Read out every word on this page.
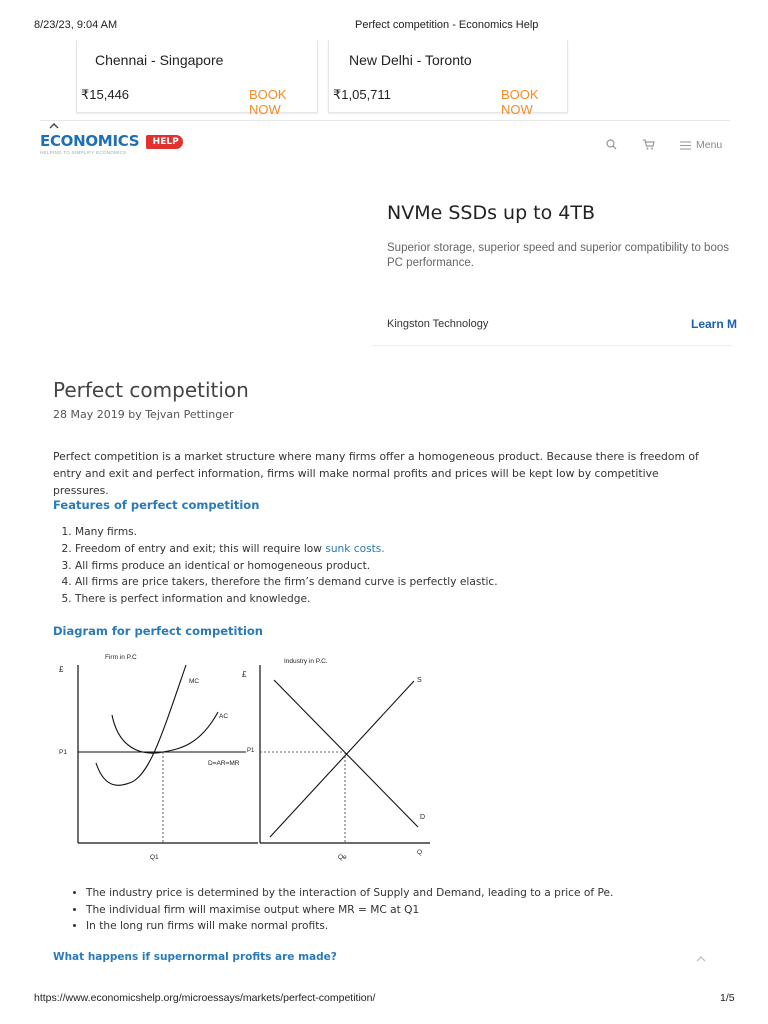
8/23/23, 9:04 AM	Perfect competition - Economics Help
Chennai - Singapore
₹15,446	BOOK NOW
New Delhi - Toronto
₹1,05,711	BOOK NOW
ECONOMICS HELP
HELPING TO SIMPLIFY ECONOMICS
Menu
NVMe SSDs up to 4TB
Superior storage, superior speed and superior compatibility to boos
PC performance.
Kingston Technology	Learn M
Perfect competition
28 May 2019 by Tejvan Pettinger
Perfect competition is a market structure where many firms offer a homogeneous product. Because there is freedom of entry and exit and perfect information, firms will make normal profits and prices will be kept low by competitive pressures.
Features of perfect competition
1. Many firms.
2. Freedom of entry and exit; this will require low sunk costs.
3. All firms produce an identical or homogeneous product.
4. All firms are price takers, therefore the firm’s demand curve is perfectly elastic.
5. There is perfect information and knowledge.
Diagram for perfect competition
Firm in P.C
Industry in P.C.
£
£
MC
AC
P1	P1
D=AR=MR
Q1	Qe
Q
S
D
• The industry price is determined by the interaction of Supply and Demand, leading to a price of Pe.
• The individual firm will maximise output where MR = MC at Q1
• In the long run firms will make normal profits.
What happens if supernormal profits are made?
https://www.economicshelp.org/microessays/markets/perfect-competition/	1/5
